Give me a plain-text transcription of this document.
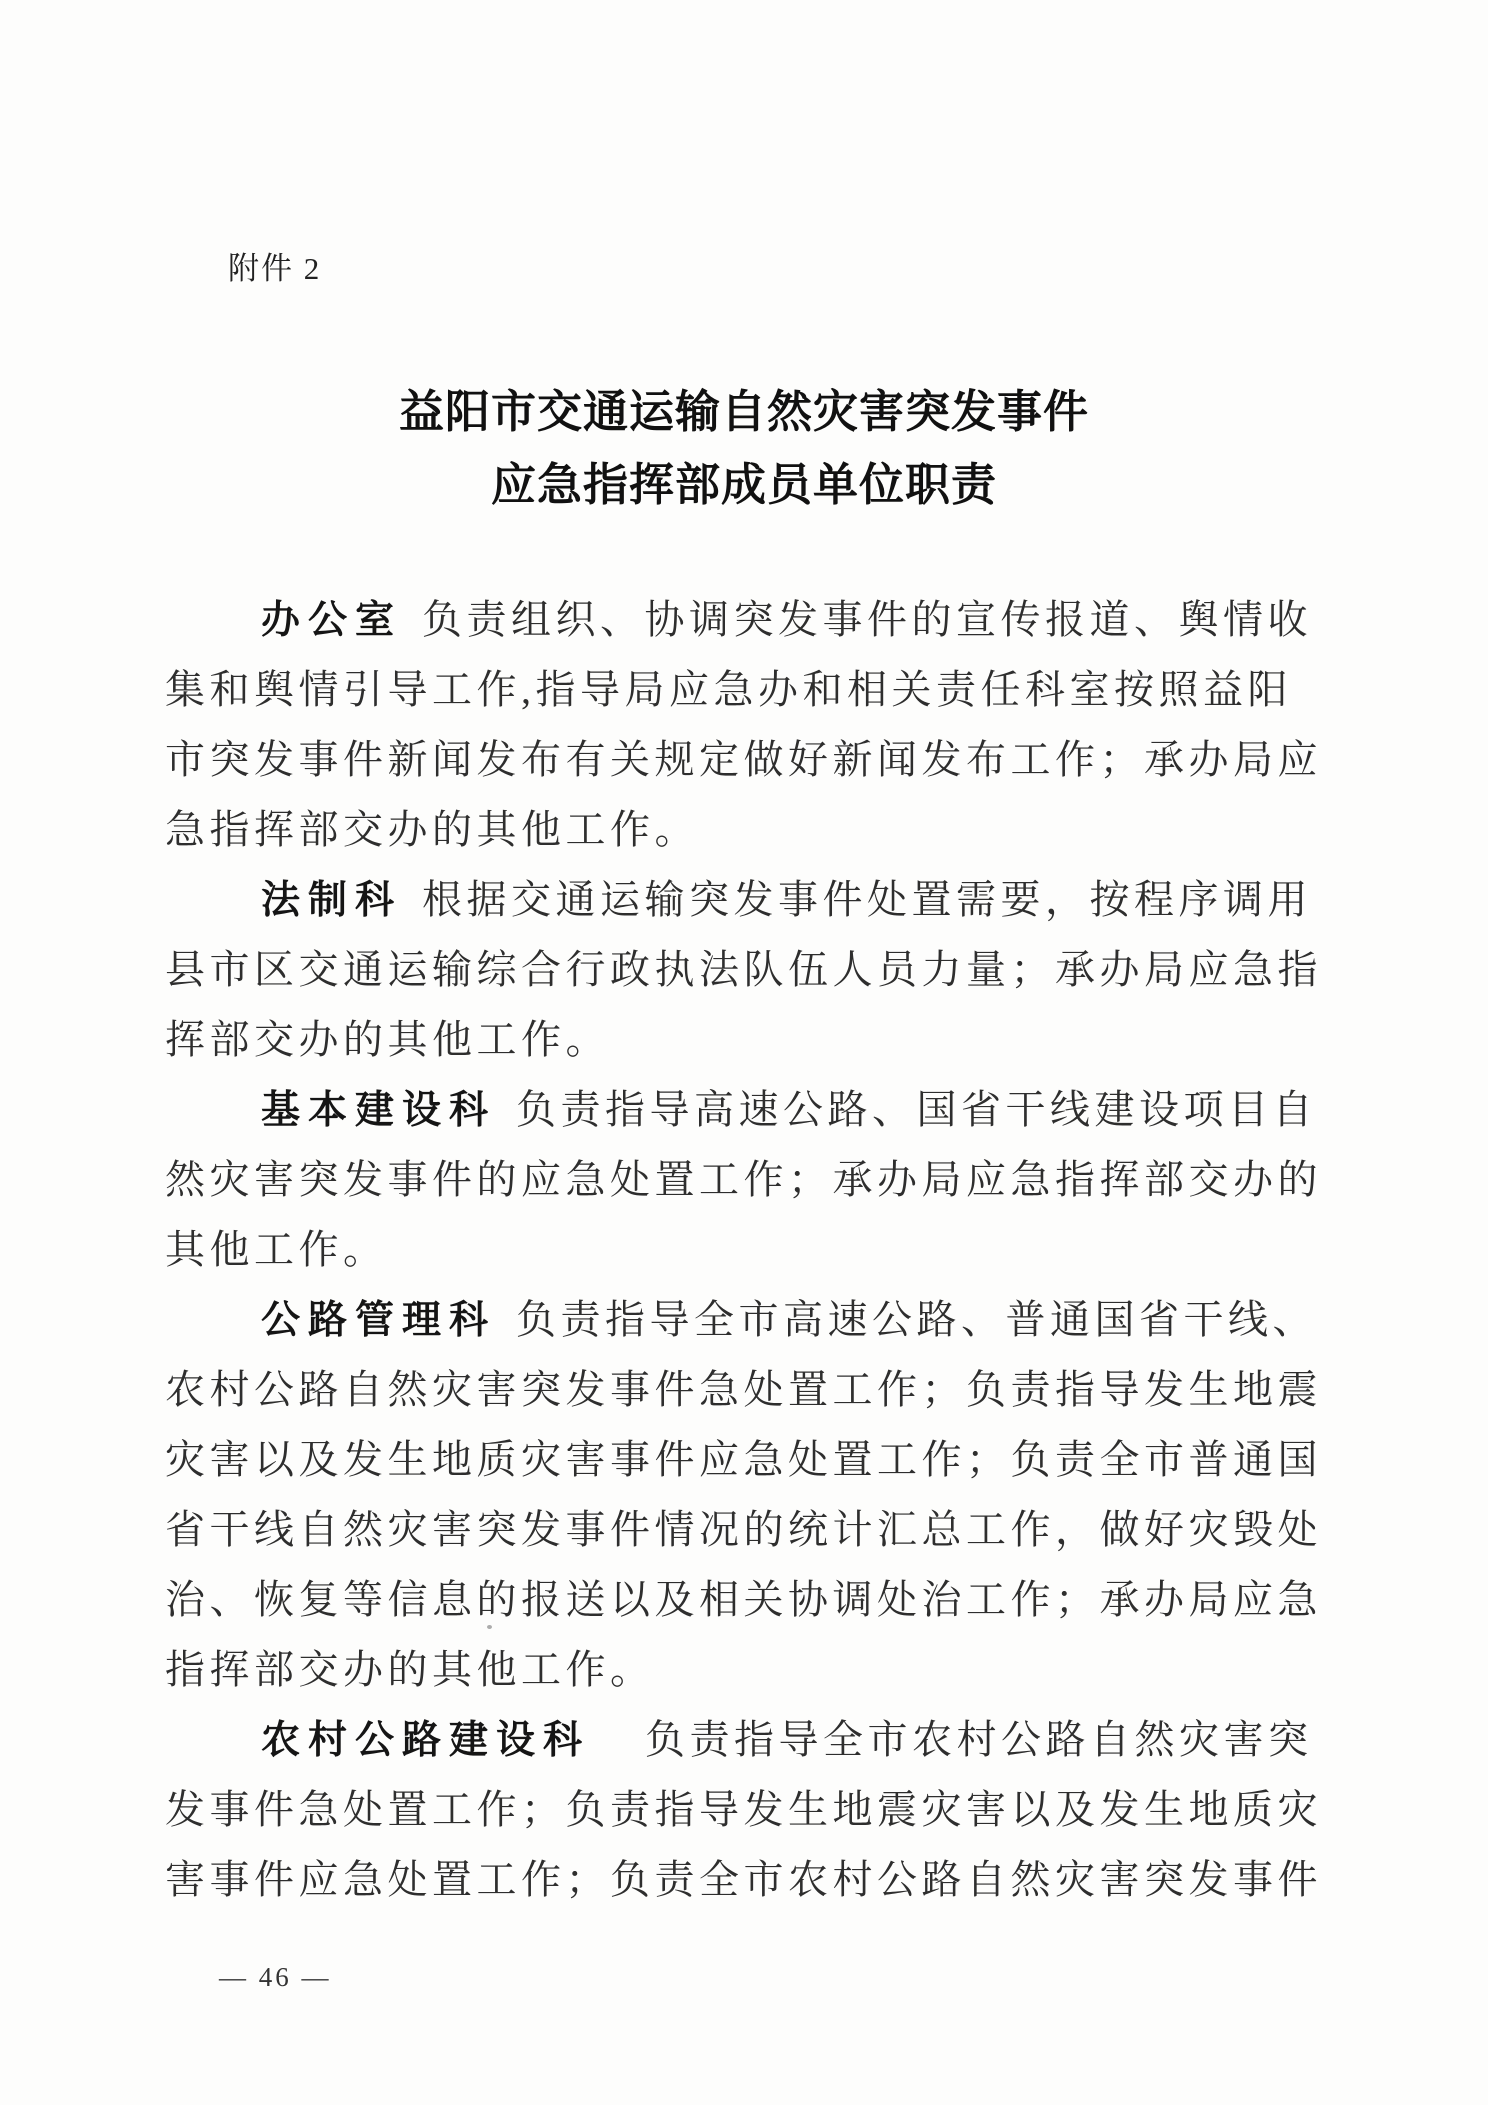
附件 2
益阳市交通运输自然灾害突发事件
应急指挥部成员单位职责
办公室 负责组织、协调突发事件的宣传报道、舆情收
集和舆情引导工作,指导局应急办和相关责任科室按照益阳
市突发事件新闻发布有关规定做好新闻发布工作；承办局应
急指挥部交办的其他工作。
法制科 根据交通运输突发事件处置需要，按程序调用
县市区交通运输综合行政执法队伍人员力量；承办局应急指
挥部交办的其他工作。
基本建设科 负责指导高速公路、国省干线建设项目自
然灾害突发事件的应急处置工作；承办局应急指挥部交办的
其他工作。
公路管理科 负责指导全市高速公路、普通国省干线、
农村公路自然灾害突发事件急处置工作；负责指导发生地震
灾害以及发生地质灾害事件应急处置工作；负责全市普通国
省干线自然灾害突发事件情况的统计汇总工作，做好灾毁处
治、恢复等信息的报送以及相关协调处治工作；承办局应急
指挥部交办的其他工作。
农村公路建设科 负责指导全市农村公路自然灾害突
发事件急处置工作；负责指导发生地震灾害以及发生地质灾
害事件应急处置工作；负责全市农村公路自然灾害突发事件
— 46 —
